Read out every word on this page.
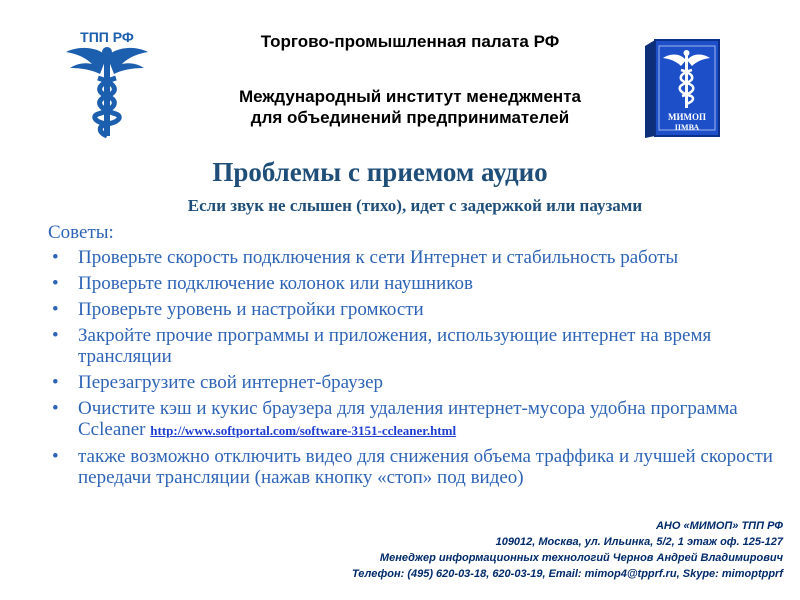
ТПП РФ	Торгово-промышленная палата РФ
Международный институт менеджмента
для объединений предпринимателей	МИМОП
IIМВА
Проблемы с приемом аудио
Если звук не слышен (тихо), идет с задержкой или паузами
Советы:
• Проверьте скорость подключения к сети Интернет и стабильность работы
• Проверьте подключение колонок или наушников
• Проверьте уровень и настройки громкости
• Закройте прочие программы и приложения, использующие интернет на время трансляции
• Перезагрузите свой интернет-браузер
• Очистите кэш и кукис браузера для удаления интернет-мусора удобна программа Ccleaner http://www.softportal.com/software-3151-ccleaner.html
• также возможно отключить видео для снижения объема траффика и лучшей скорости передачи трансляции (нажав кнопку «стоп» под видео)
АНО «МИМОП» ТПП РФ
109012, Москва, ул. Ильинка, 5/2, 1 этаж оф. 125-127
Менеджер информационных технологий Чернов Андрей Владимирович
Телефон: (495) 620-03-18, 620-03-19, Email: mimop4@tpprf.ru, Skype: mimoptpprf
